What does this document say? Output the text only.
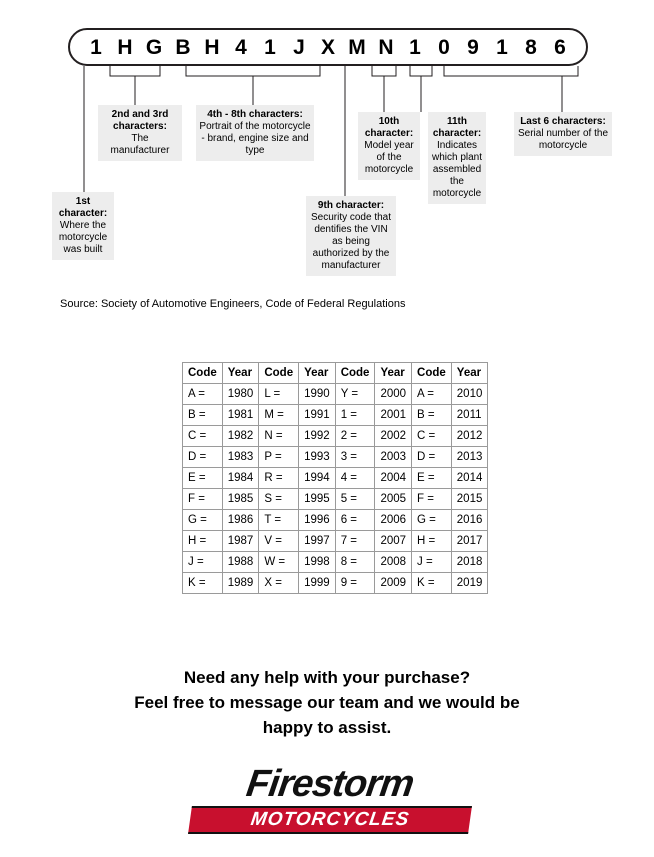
1 H G B H 4 1 J X M N 1 0 9 1 8 6
1st character:
Where the motorcycle was built
2nd and 3rd characters:
The manufacturer
4th - 8th characters:
Portrait of the motorcycle - brand, engine size and type
9th character:
Security code that dentifies the VIN as being authorized by the manufacturer
10th character:
Model year of the motorcycle
11th character:
Indicates which plant assembled the motorcycle
Last 6 characters:
Serial number of the motorcycle
Source: Society of Automotive Engineers, Code of Federal Regulations
Code	Year	Code	Year	Code	Year	Code	Year
A =	1980	L =	1990	Y =	2000	A =	2010
B =	1981	M =	1991	1 =	2001	B =	2011
C =	1982	N =	1992	2 =	2002	C =	2012
D =	1983	P =	1993	3 =	2003	D =	2013
E =	1984	R =	1994	4 =	2004	E =	2014
F =	1985	S =	1995	5 =	2005	F =	2015
G =	1986	T =	1996	6 =	2006	G =	2016
H =	1987	V =	1997	7 =	2007	H =	2017
J =	1988	W =	1998	8 =	2008	J =	2018
K =	1989	X =	1999	9 =	2009	K =	2019
Need any help with your purchase?
Feel free to message our team and we would be
happy to assist.
Firestorm
MOTORCYCLES
